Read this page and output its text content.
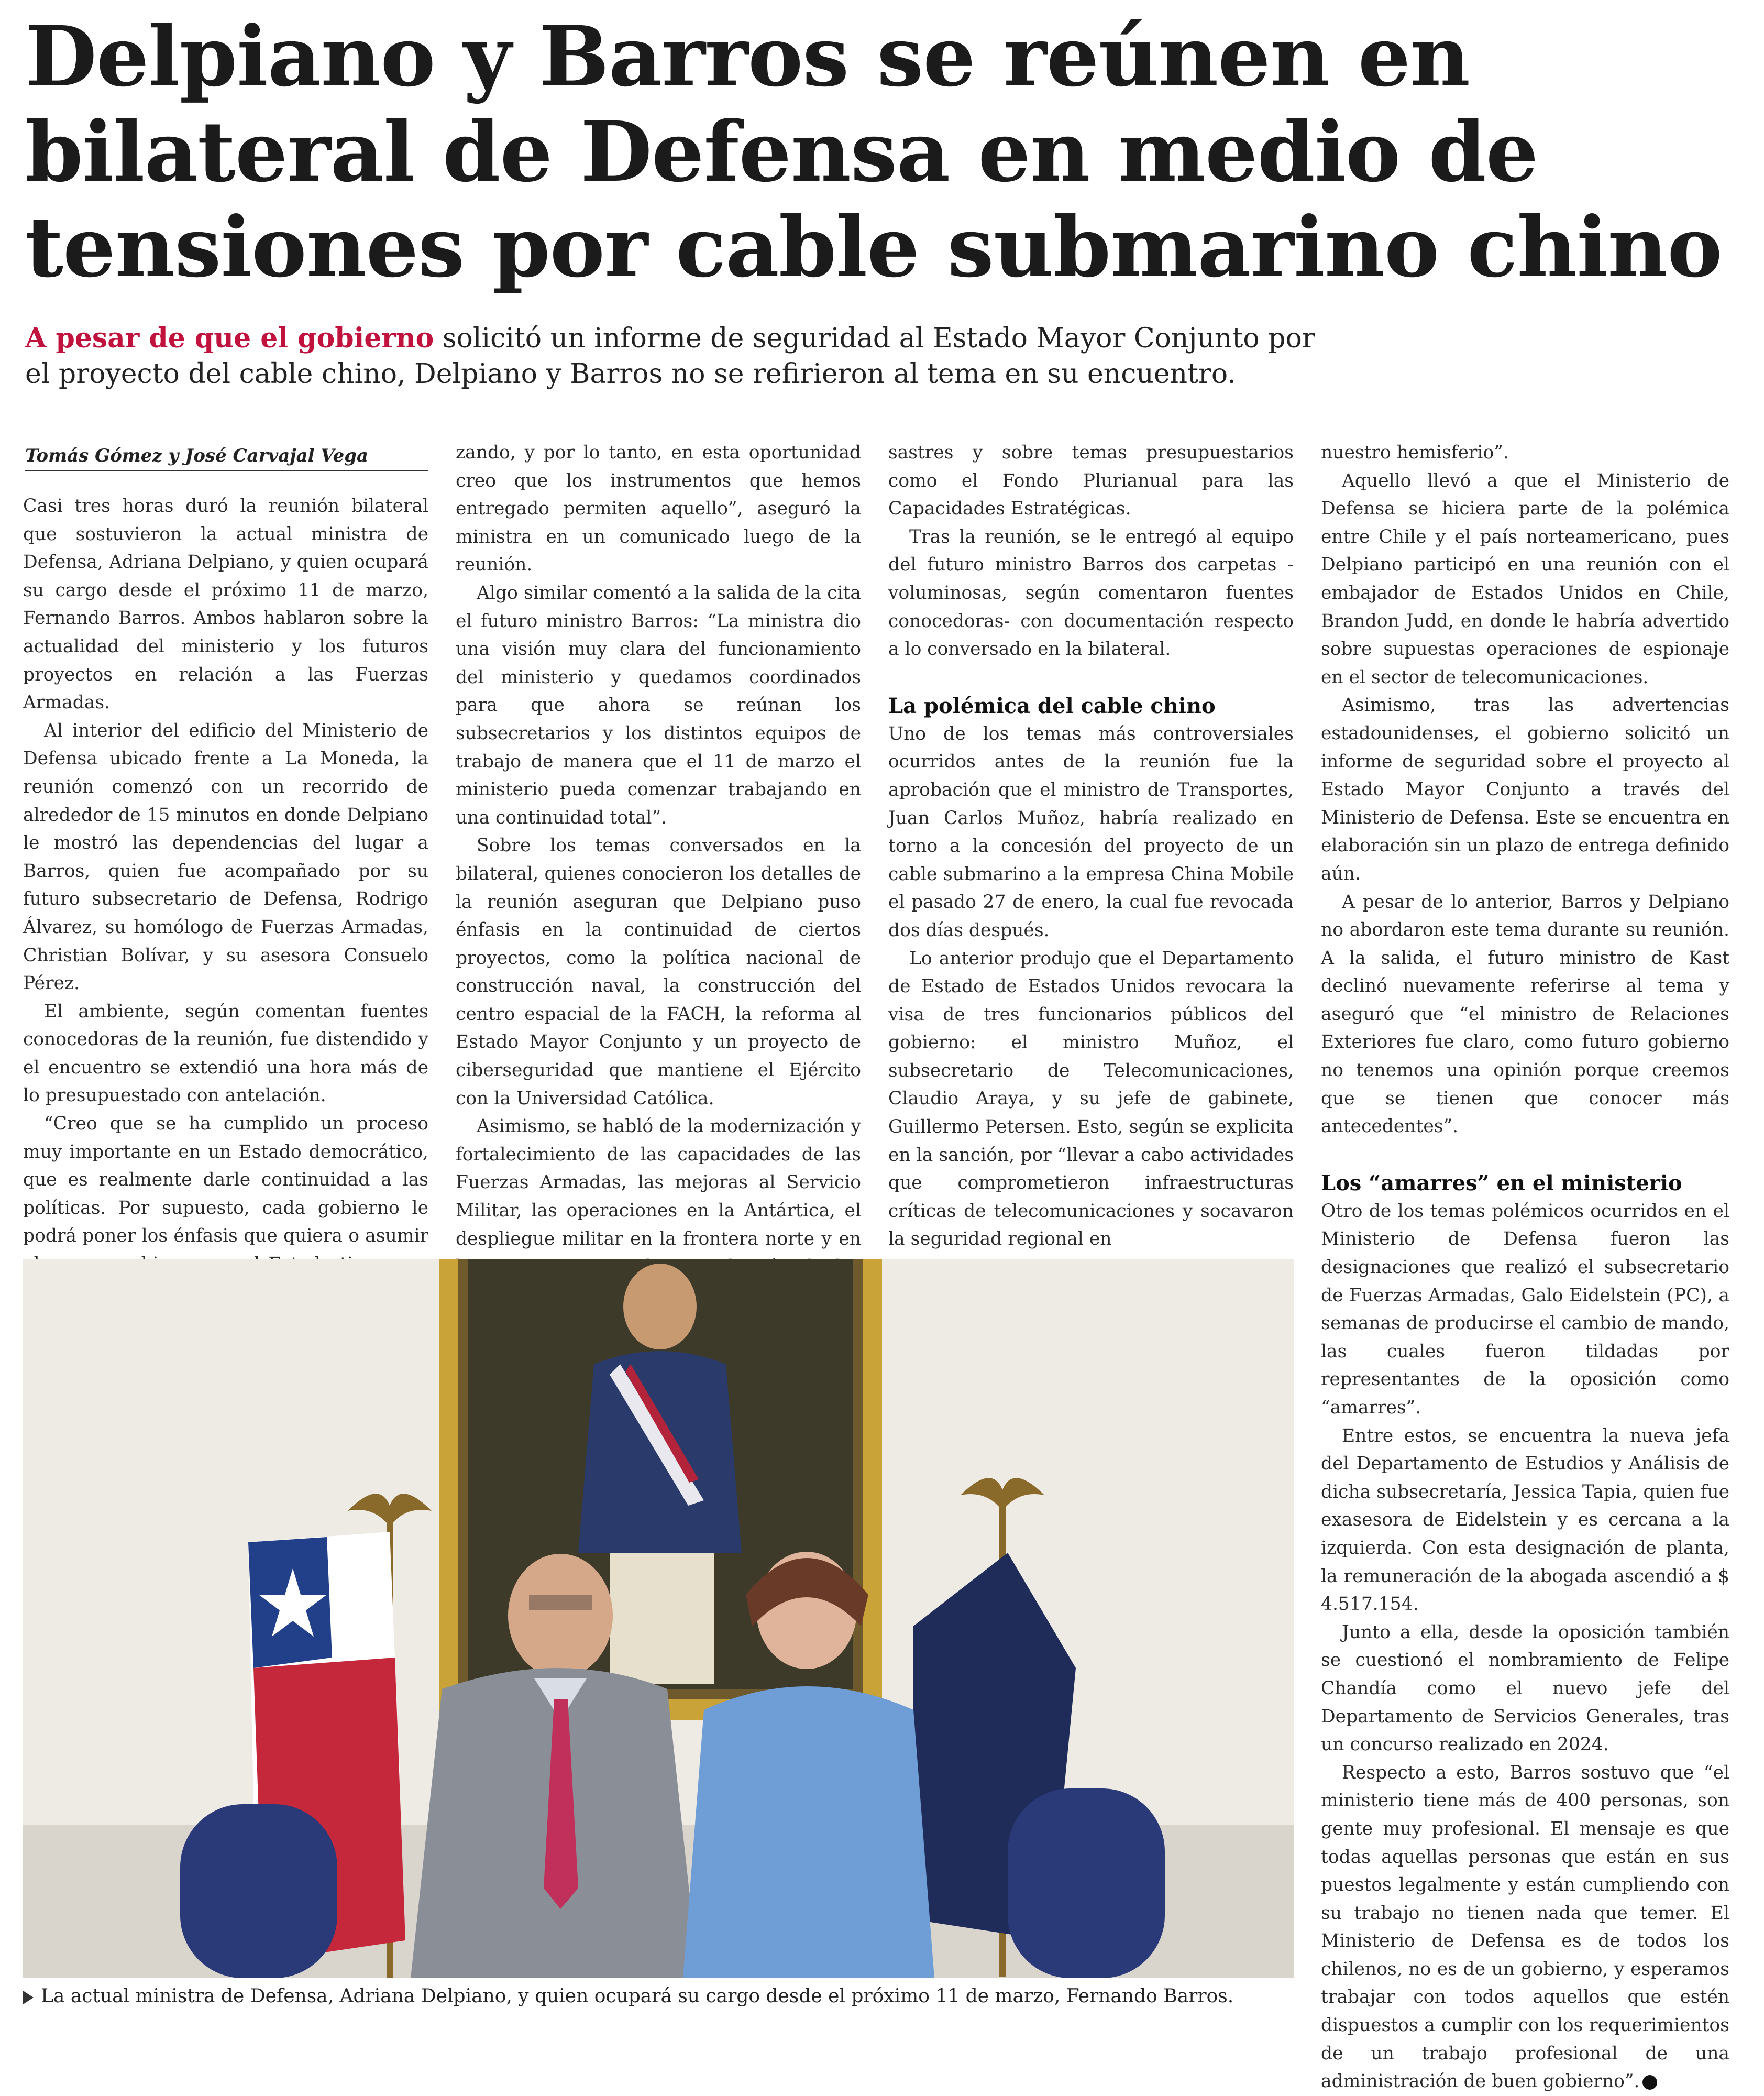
Delpiano y Barros se reúnen en
bilateral de Defensa en medio de
tensiones por cable submarino chino
A pesar de que el gobierno solicitó un informe de seguridad al Estado Mayor Conjunto por
el proyecto del cable chino, Delpiano y Barros no se refirieron al tema en su encuentro.
Tomás Gómez y José Carvajal Vega

Casi tres horas duró la reunión bilateral que sostuvieron la actual ministra de Defensa, Adriana Delpiano, y quien ocupará su cargo desde el próximo 11 de marzo, Fernando Barros. Ambos hablaron sobre la actualidad del ministerio y los futuros proyectos en relación a las Fuerzas Armadas.

Al interior del edificio del Ministerio de Defensa ubicado frente a La Moneda, la reunión comenzó con un recorrido de alrededor de 15 minutos en donde Delpiano le mostró las dependencias del lugar a Barros, quien fue acompañado por su futuro subsecretario de Defensa, Rodrigo Álvarez, su homólogo de Fuerzas Armadas, Christian Bolívar, y su asesora Consuelo Pérez.

El ambiente, según comentan fuentes conocedoras de la reunión, fue distendido y el encuentro se extendió una hora más de lo presupuestado con antelación.

“Creo que se ha cumplido un proceso muy importante en un Estado democrático, que es realmente darle continuidad a las políticas. Por supuesto, cada gobierno le podrá poner los énfasis que quiera o asumir

zando, y por lo tanto, en esta oportunidad creo que los instrumentos que hemos entregado permiten aquello”, aseguró la ministra en un comunicado luego de la reunión.

Algo similar comentó a la salida de la cita el futuro ministro Barros: “La ministra dio una visión muy clara del funcionamiento del ministerio y quedamos coordinados para que ahora se reúnan los subsecretarios y los distintos equipos de trabajo de manera que el 11 de marzo el ministerio pueda comenzar trabajando en una continuidad total”.

Sobre los temas conversados en la bilateral, quienes conocieron los detalles de la reunión aseguran que Delpiano puso énfasis en la continuidad de ciertos proyectos, como la política nacional de construcción naval, la construcción del centro espacial de la FACH, la reforma al Estado Mayor Conjunto y un proyecto de ciberseguridad que mantiene el Ejército con la Universidad Católica.

Asimismo, se habló de la modernización y fortalecimiento de las capacidades de las Fuerzas Armadas, las mejoras al Servicio Militar, las operaciones en la Antártica, el despliegue militar en la frontera norte y en

sastres y sobre temas presupuestarios como el Fondo Plurianual para las Capacidades Estratégicas.

Tras la reunión, se le entregó al equipo del futuro ministro Barros dos carpetas -voluminosas, según comentaron fuentes conocedoras- con documentación respecto a lo conversado en la bilateral.

La polémica del cable chino

Uno de los temas más controversiales ocurridos antes de la reunión fue la aprobación que el ministro de Transportes, Juan Carlos Muñoz, habría realizado en torno a la concesión del proyecto de un cable submarino a la empresa China Mobile el pasado 27 de enero, la cual fue revocada dos días después.

Lo anterior produjo que el Departamento de Estado de Estados Unidos revocara la visa de tres funcionarios públicos del gobierno: el ministro Muñoz, el subsecretario de Telecomunicaciones, Claudio Araya, y su jefe de gabinete, Guillermo Petersen. Esto, según se explicita en la sanción, por “llevar a cabo actividades que comprometieron infraestructuras críticas de telecomunicaciones y socavaron la seguridad regional en

nuestro hemisferio”.

Aquello llevó a que el Ministerio de Defensa se hiciera parte de la polémica entre Chile y el país norteamericano, pues Delpiano participó en una reunión con el embajador de Estados Unidos en Chile, Brandon Judd, en donde le habría advertido sobre supuestas operaciones de espionaje en el sector de telecomunicaciones.

Asimismo, tras las advertencias estadounidenses, el gobierno solicitó un informe de seguridad sobre el proyecto al Estado Mayor Conjunto a través del Ministerio de Defensa. Este se encuentra en elaboración sin un plazo de entrega definido aún.

A pesar de lo anterior, Barros y Delpiano no abordaron este tema durante su reunión. A la salida, el futuro ministro de Kast declinó nuevamente referirse al tema y aseguró que “el ministro de Relaciones Exteriores fue claro, como futuro gobierno no tenemos una opinión porque creemos que se tienen que conocer más antecedentes”.

Los “amarres” en el ministerio

Otro de los temas polémicos ocurridos en el Ministerio de Defensa fueron las designaciones que realizó el subsecretario de Fuerzas Armadas, Galo Eidelstein (PC), a semanas de producirse el cambio de mando, las cuales fueron tildadas por representantes de la oposición como “amarres”.

Entre estos, se encuentra la nueva jefa del Departamento de Estudios y Análisis de dicha subsecretaría, Jessica Tapia, quien fue exasesora de Eidelstein y es cercana a la izquierda. Con esta designación de planta, la remuneración de la abogada ascendió a $ 4.517.154.

Junto a ella, desde la oposición también se cuestionó el nombramiento de Felipe Chandía como el nuevo jefe del Departamento de Servicios Generales, tras un concurso realizado en 2024.

Respecto a esto, Barros sostuvo que “el ministerio tiene más de 400 personas, son gente muy profesional. El mensaje es que todas aquellas personas que están en sus puestos legalmente y están cumpliendo con su trabajo no tienen nada que temer. El Ministerio de Defensa es de todos los chilenos, no es de un gobierno, y esperamos trabajar con todos aquellos que estén dispuestos a cumplir con los requerimientos de un trabajo profesional de una administración de buen gobierno”.

La actual ministra de Defensa, Adriana Delpiano, y quien ocupará su cargo desde el próximo 11 de marzo, Fernando Barros.
